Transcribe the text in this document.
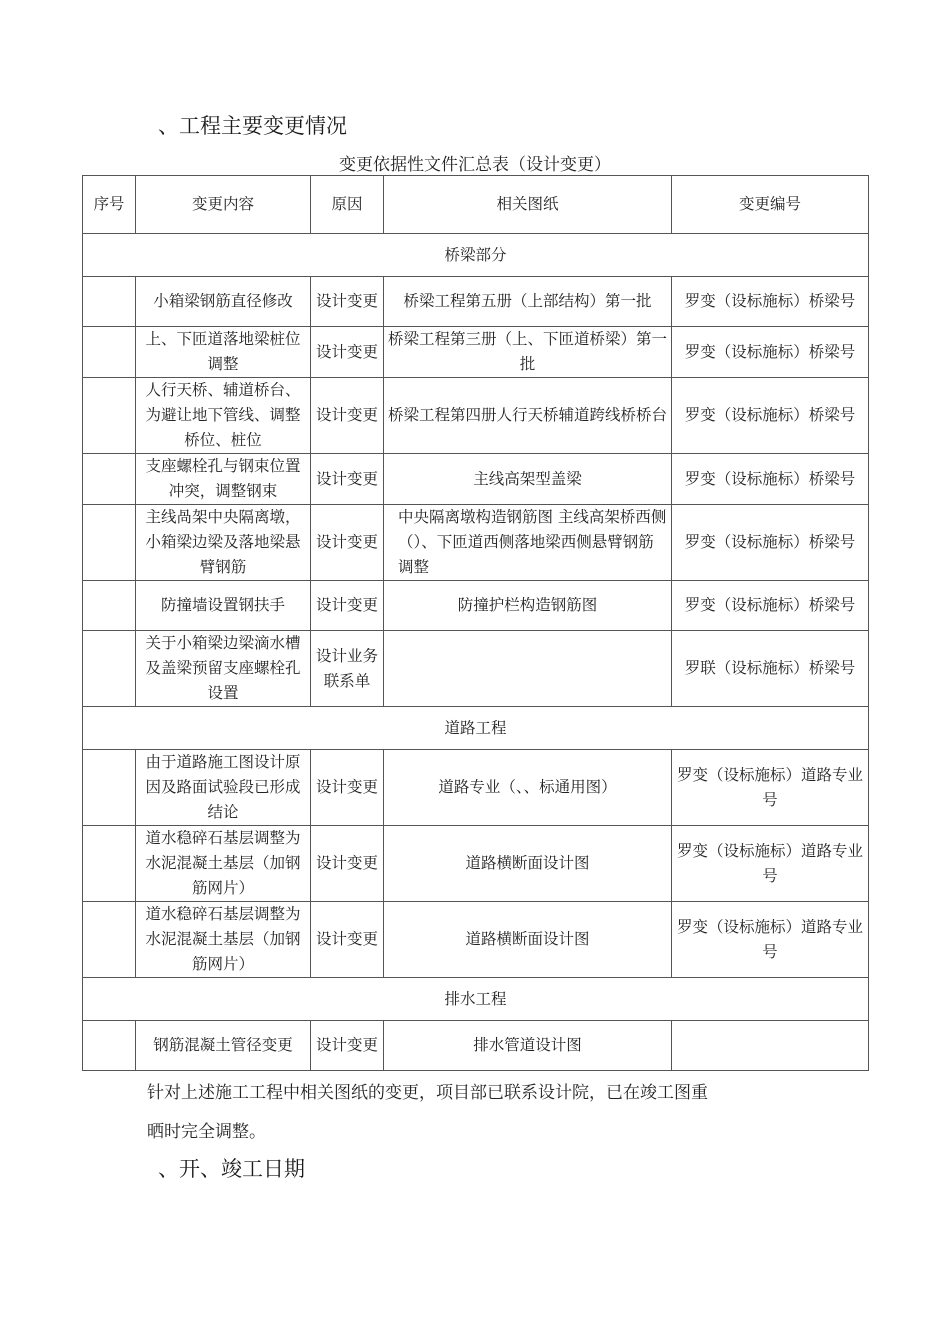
、工程主要变更情况
变更依据性文件汇总表（设计变更）
序号	变更内容	原因	相关图纸	变更编号
桥梁部分				
	小箱梁钢筋直径修改	设计变更	桥梁工程第五册（上部结构）第一批	罗变（设标施标）桥梁号
	上、下匝道落地梁桩位调整	设计变更	桥梁工程第三册（上、下匝道桥梁）第一批	罗变（设标施标）桥梁号
	人行天桥、辅道桥台、为避让地下管线、调整桥位、桩位	设计变更	桥梁工程第四册人行天桥辅道跨线桥桥台	罗变（设标施标）桥梁号
	支座螺栓孔与钢束位置冲突，调整钢束	设计变更	主线高架型盖梁	罗变（设标施标）桥梁号
	主线咼架中央隔离墩，小箱梁边梁及落地梁悬臂钢筋	设计变更	中央隔离墩构造钢筋图 主线高架桥西侧（）、下匝道西侧落地梁西侧悬臂钢筋调整	罗变（设标施标）桥梁号
	防撞墙设置钢扶手	设计变更	防撞护栏构造钢筋图	罗变（设标施标）桥梁号
	关于小箱梁边梁滴水槽及盖梁预留支座螺栓孔设置	设计业务联系单		罗联（设标施标）桥梁号
道路工程				
	由于道路施工图设计原因及路面试验段已形成结论	设计变更	道路专业（、、标通用图）	罗变（设标施标）道路专业号
	道水稳碎石基层调整为水泥混凝土基层（加钢筋网片）	设计变更	道路横断面设计图	罗变（设标施标）道路专业号
	道水稳碎石基层调整为水泥混凝土基层（加钢筋网片）	设计变更	道路横断面设计图	罗变（设标施标）道路专业号
排水工程				
	钢筋混凝土管径变更	设计变更	排水管道设计图	
针对上述施工工程中相关图纸的变更，项目部已联系设计院，已在竣工图重
晒时完全调整。
、开、竣工日期
